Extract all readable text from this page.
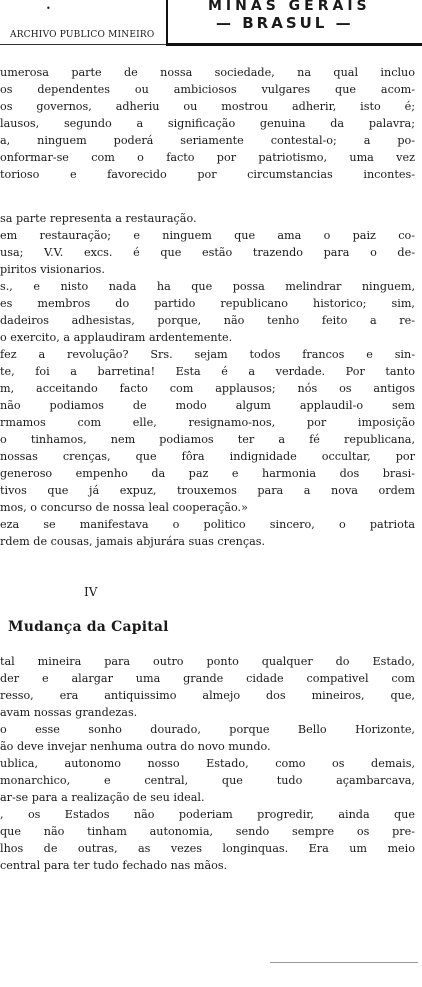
•
ARCHIVO PUBLICO MINEIRO
MINAS GERAIS
— BRASUL —
umerosa parte de nossa sociedade, na qual incluo
os dependentes ou ambiciosos vulgares que acom-
os governos, adheriu ou mostrou adherir, isto é;
lausos, segundo a significação genuina da palavra;
a, ninguem poderá seriamente contestal-o; a po-
onformar-se com o facto por patriotismo, uma vez
torioso e favorecido por circumstancias incontes-
sa parte representa a restauração.
em restauração; e ninguem que ama o paiz co-
usa; V.V. excs. é que estão trazendo para o de-
piritos visionarios.
s., e nisto nada ha que possa melindrar ninguem,
es membros do partido republicano historico; sim,
dadeiros adhesistas, porque, não tenho feito a re-
o exercito, a applaudiram ardentemente.
fez a revolução? Srs. sejam todos francos e sin-
te, foi a barretina! Esta é a verdade. Por tanto
m, acceitando facto com applausos; nós os antigos
não podiamos de modo algum applaudil-o sem
rmamos com elle, resignamo-nos, por imposição
o tinhamos, nem podiamos ter a fé republicana,
nossas crenças, que fôra indignidade occultar, por
generoso empenho da paz e harmonia dos brasi-
tivos que já expuz, trouxemos para a nova ordem
mos, o concurso de nossa leal cooperação.»
eza se manifestava o politico sincero, o patriota
rdem de cousas, jamais abjurára suas crenças.
tal mineira para outro ponto qualquer do Estado,
der e alargar uma grande cidade compativel com
resso, era antiquissimo almejo dos mineiros, que,
avam nossas grandezas.
o esse sonho dourado, porque Bello Horizonte,
ão deve invejar nenhuma outra do novo mundo.
ublica, autonomo nosso Estado, como os demais,
monarchico, e central, que tudo açambarcava,
ar-se para a realização de seu ideal.
, os Estados não poderiam progredir, ainda que
que não tinham autonomia, sendo sempre os pre-
lhos de outras, as vezes longinquas. Era um meio
central para ter tudo fechado nas mãos.
IV
Mudança da Capital
